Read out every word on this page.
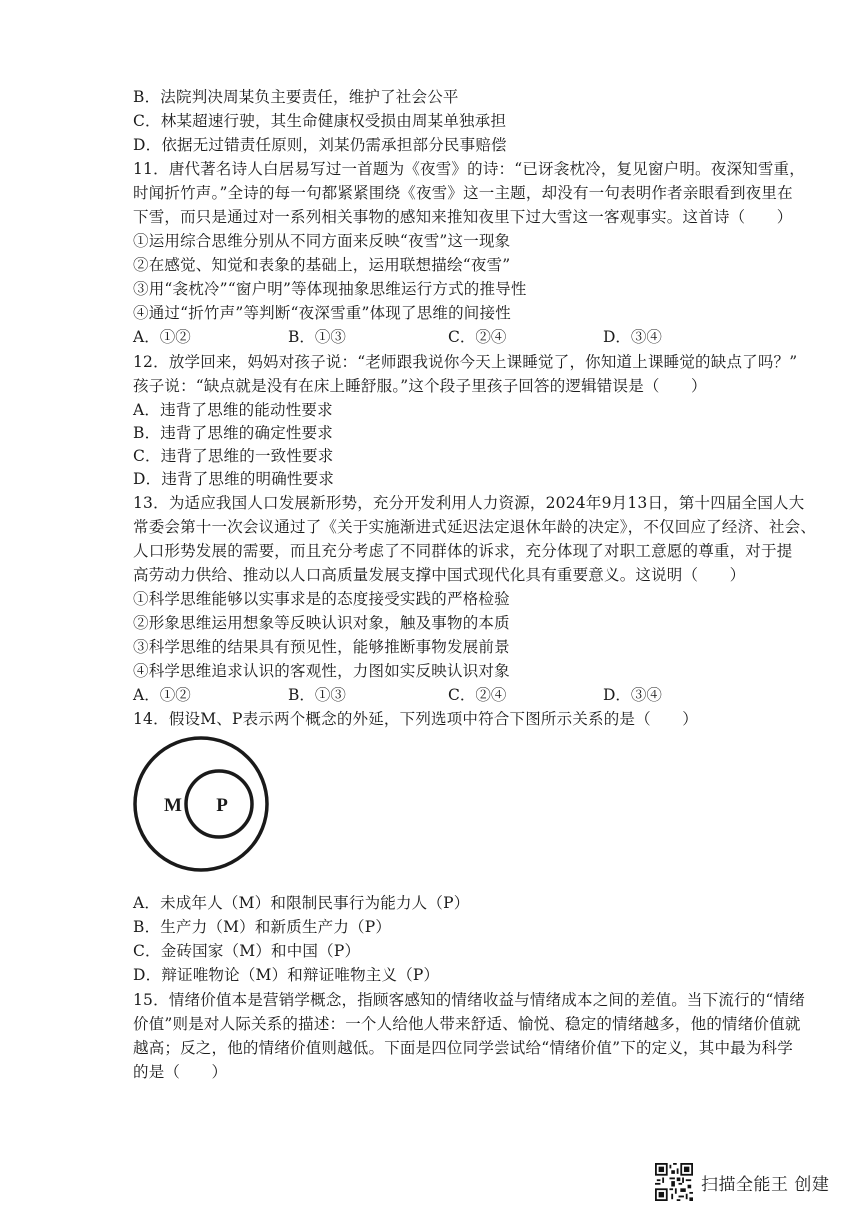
B．法院判决周某负主要责任，维护了社会公平
C．林某超速行驶，其生命健康权受损由周某单独承担
D．依据无过错责任原则，刘某仍需承担部分民事赔偿
11．唐代著名诗人白居易写过一首题为《夜雪》的诗：“已讶衾枕冷，复见窗户明。夜深知雪重，
时闻折竹声。”全诗的每一句都紧紧围绕《夜雪》这一主题，却没有一句表明作者亲眼看到夜里在
下雪，而只是通过对一系列相关事物的感知来推知夜里下过大雪这一客观事实。这首诗（　　）
①运用综合思维分别从不同方面来反映“夜雪”这一现象
②在感觉、知觉和表象的基础上，运用联想描绘“夜雪”
③用“衾枕冷”“窗户明”等体现抽象思维运行方式的推导性
④通过“折竹声”等判断“夜深雪重”体现了思维的间接性
A．①②	B．①③	C．②④	D．③④
12．放学回来，妈妈对孩子说：“老师跟我说你今天上课睡觉了，你知道上课睡觉的缺点了吗？”
孩子说：“缺点就是没有在床上睡舒服。”这个段子里孩子回答的逻辑错误是（　　）
A．违背了思维的能动性要求
B．违背了思维的确定性要求
C．违背了思维的一致性要求
D．违背了思维的明确性要求
13．为适应我国人口发展新形势，充分开发利用人力资源，2024年9月13日，第十四届全国人大
常委会第十一次会议通过了《关于实施渐进式延迟法定退休年龄的决定》，不仅回应了经济、社会、
人口形势发展的需要，而且充分考虑了不同群体的诉求，充分体现了对职工意愿的尊重，对于提
高劳动力供给、推动以人口高质量发展支撑中国式现代化具有重要意义。这说明（　　）
①科学思维能够以实事求是的态度接受实践的严格检验
②形象思维运用想象等反映认识对象，触及事物的本质
③科学思维的结果具有预见性，能够推断事物发展前景
④科学思维追求认识的客观性，力图如实反映认识对象
A．①②	B．①③	C．②④	D．③④
14．假设M、P表示两个概念的外延，下列选项中符合下图所示关系的是（　　）
M P
A．未成年人（M）和限制民事行为能力人（P）
B．生产力（M）和新质生产力（P）
C．金砖国家（M）和中国（P）
D．辩证唯物论（M）和辩证唯物主义（P）
15．情绪价值本是营销学概念，指顾客感知的情绪收益与情绪成本之间的差值。当下流行的“情绪
价值”则是对人际关系的描述：一个人给他人带来舒适、愉悦、稳定的情绪越多，他的情绪价值就
越高；反之，他的情绪价值则越低。下面是四位同学尝试给“情绪价值”下的定义，其中最为科学
的是（　　）
扫描全能王 创建
